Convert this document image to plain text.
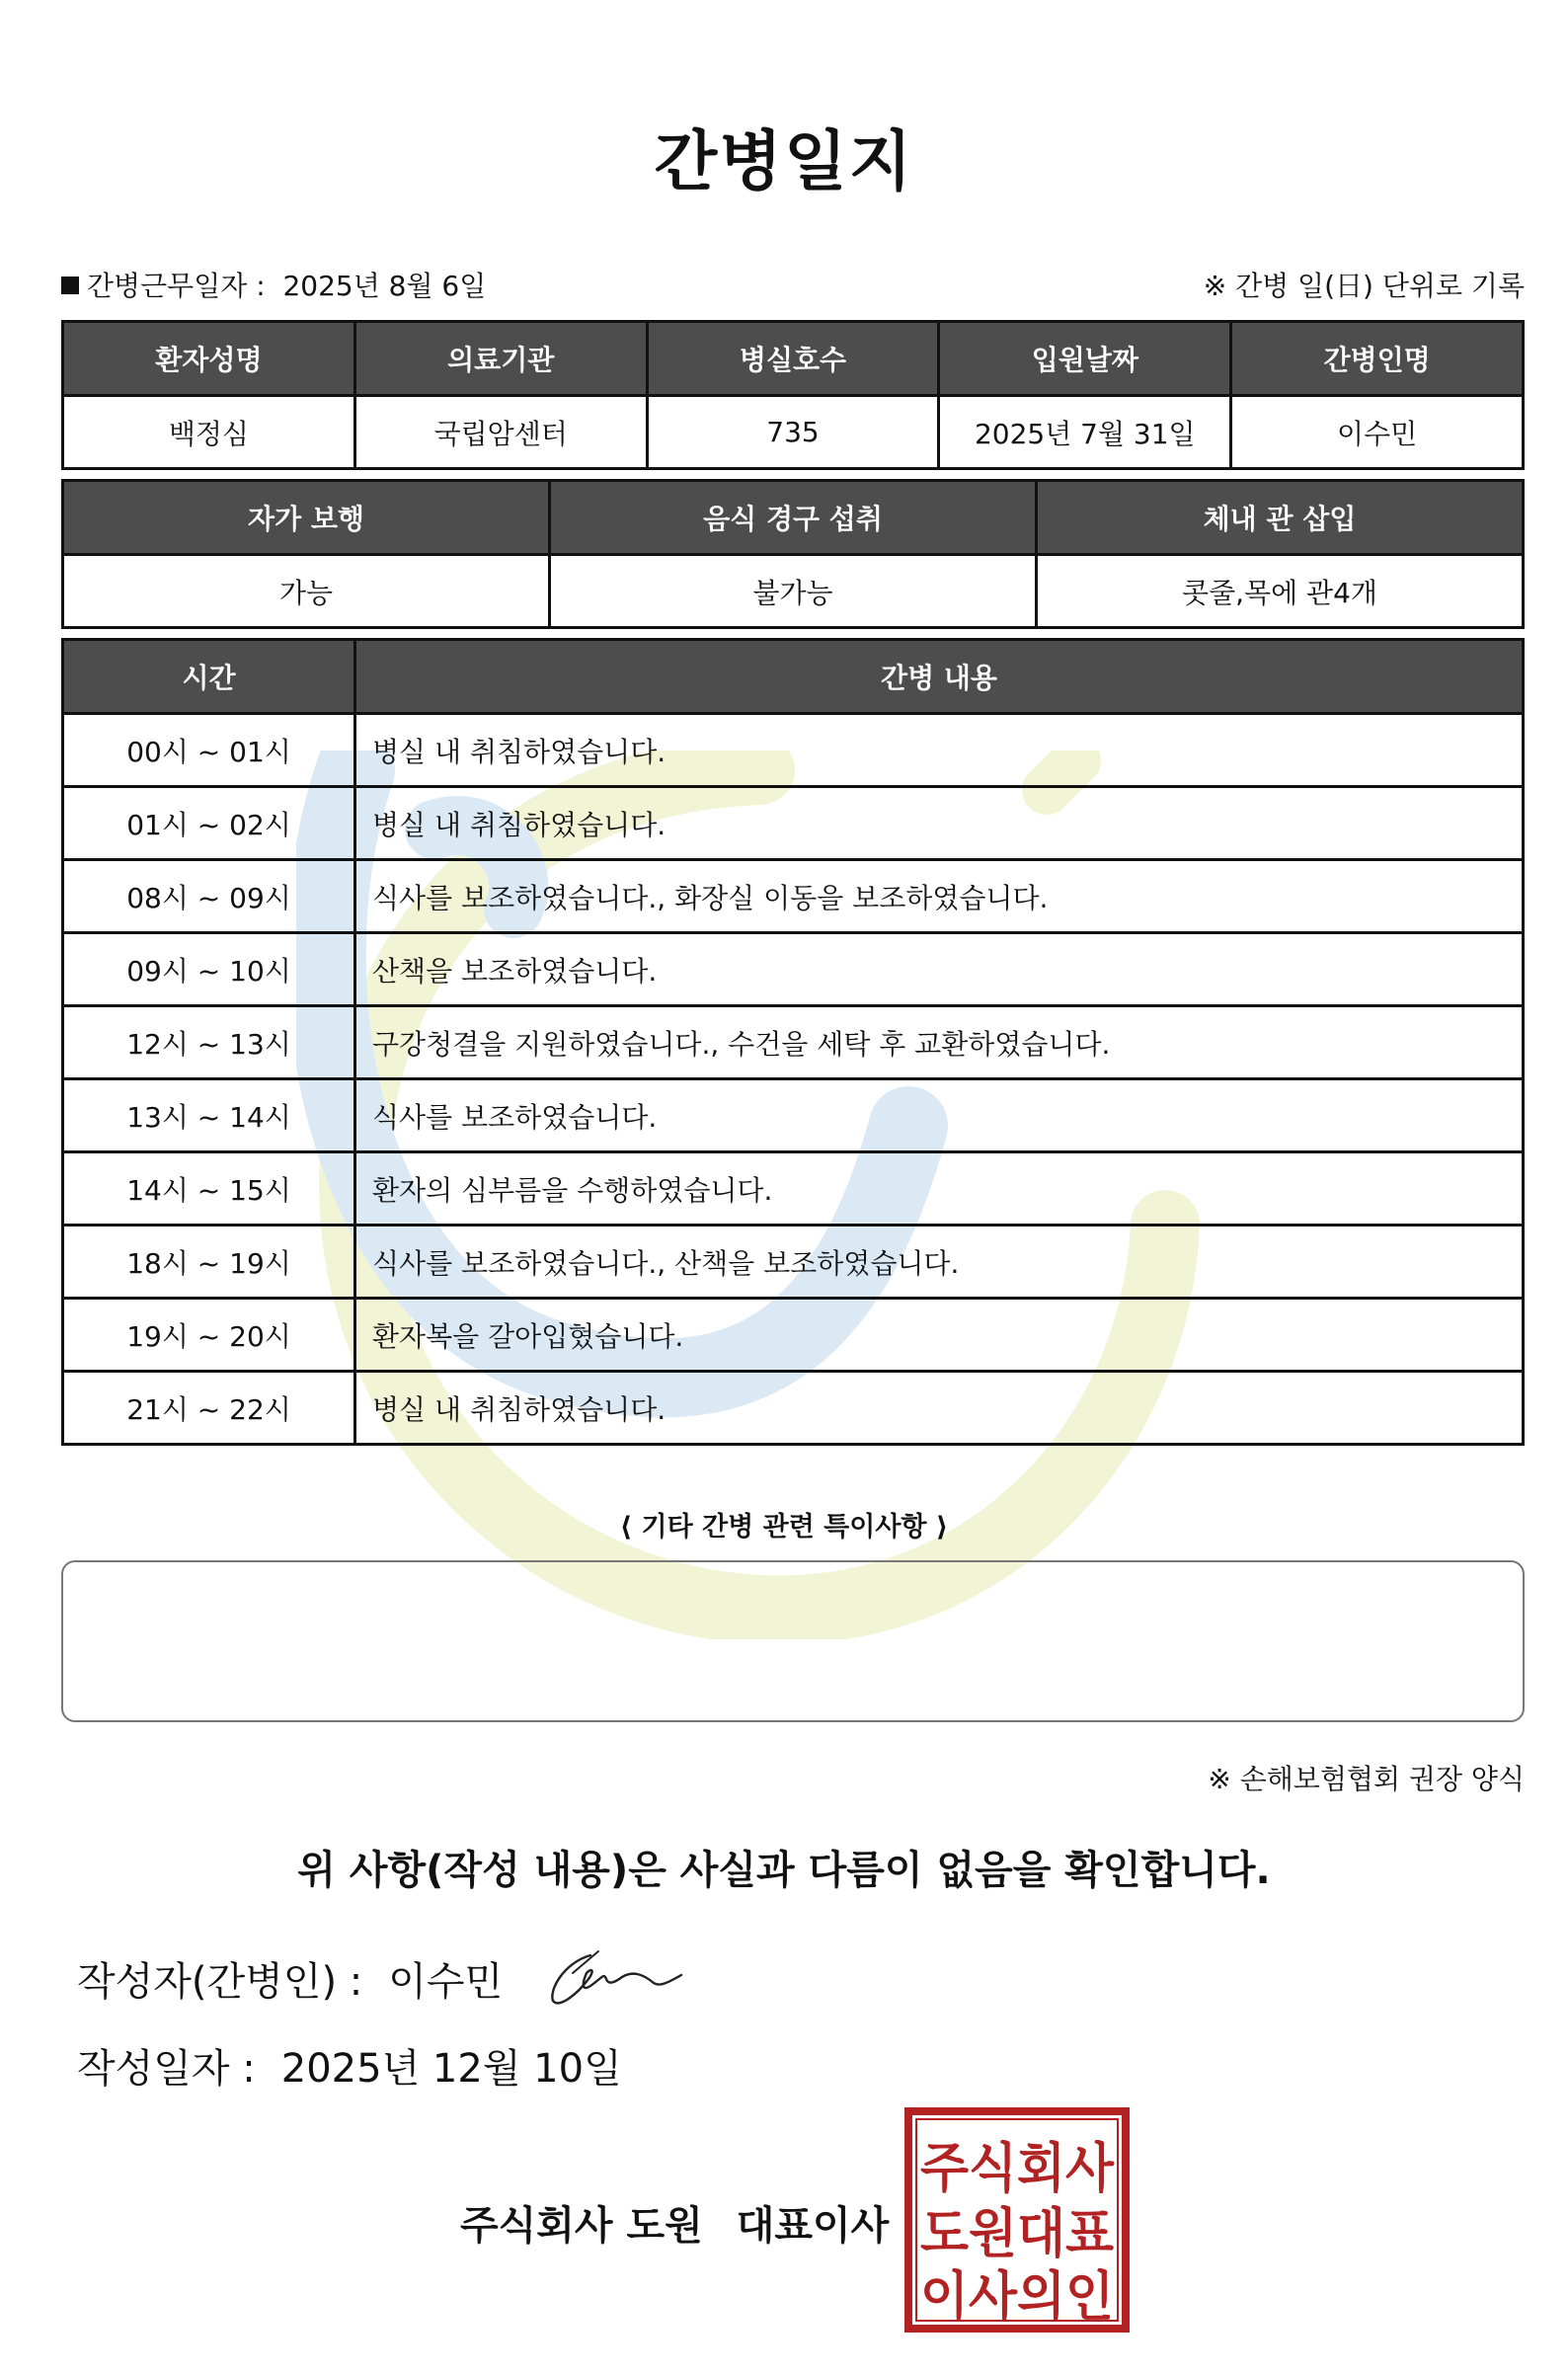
간병일지
간병근무일자 : 2025년 8월 6일	※ 간병 일(日) 단위로 기록
환자성명	의료기관	병실호수	입원날짜	간병인명
백정심	국립암센터	735	2025년 7월 31일	이수민
자가 보행	음식 경구 섭취	체내 관 삽입
가능	불가능	콧줄,목에 관4개
시간	간병 내용
00시 ~ 01시	병실 내 취침하였습니다.
01시 ~ 02시	병실 내 취침하였습니다.
08시 ~ 09시	식사를 보조하였습니다., 화장실 이동을 보조하였습니다.
09시 ~ 10시	산책을 보조하였습니다.
12시 ~ 13시	구강청결을 지원하였습니다., 수건을 세탁 후 교환하였습니다.
13시 ~ 14시	식사를 보조하였습니다.
14시 ~ 15시	환자의 심부름을 수행하였습니다.
18시 ~ 19시	식사를 보조하였습니다., 산책을 보조하였습니다.
19시 ~ 20시	환자복을 갈아입혔습니다.
21시 ~ 22시	병실 내 취침하였습니다.
⟨ 기타 간병 관련 특이사항 ⟩
※ 손해보험협회 권장 양식
위 사항(작성 내용)은 사실과 다름이 없음을 확인합니다.
작성자(간병인) : 이수민
작성일자 : 2025년 12월 10일
주식회사 도원 대표이사
주식회사
도원대표
이사의인
